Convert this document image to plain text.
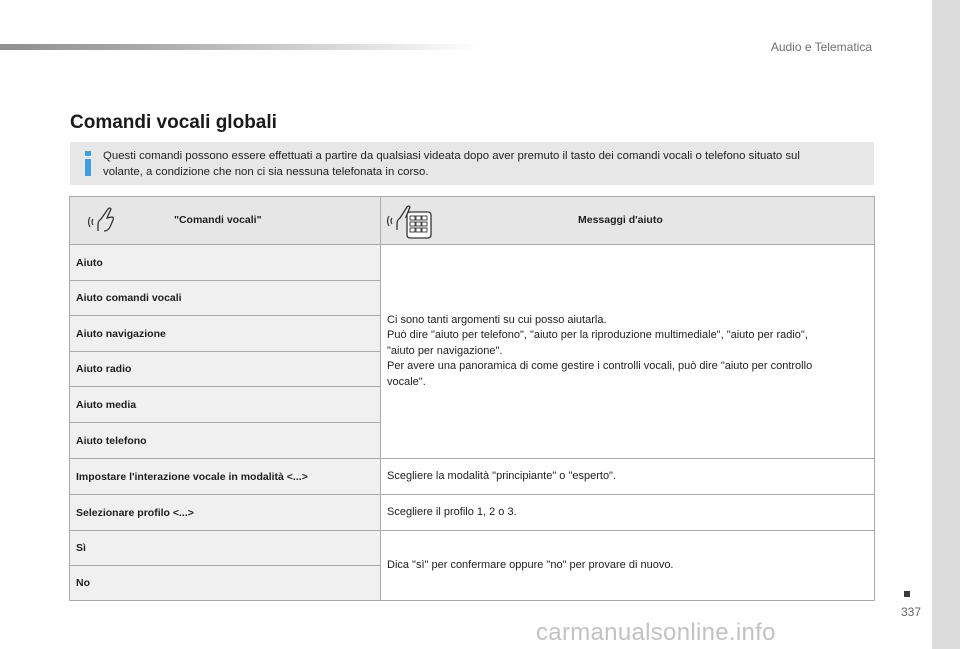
Audio e Telematica
Comandi vocali globali
Questi comandi possono essere effettuati a partire da qualsiasi videata dopo aver premuto il tasto dei comandi vocali o telefono situato sul
volante, a condizione che non ci sia nessuna telefonata in corso.
"Comandi vocali"	Messaggi d'aiuto

Aiuto	Ci sono tanti argomenti su cui posso aiutarla.
Può dire "aiuto per telefono", "aiuto per la riproduzione multimediale", "aiuto per radio",
"aiuto per navigazione".
Per avere una panoramica di come gestire i controlli vocali, può dire "aiuto per controllo
vocale".
Aiuto comandi vocali	
Aiuto navigazione	
Aiuto radio	
Aiuto media	
Aiuto telefono	
Impostare l'interazione vocale in modalità <...>	Scegliere la modalità "principiante" o "esperto".
Selezionare profilo <...>	Scegliere il profilo 1, 2 o 3.
Sì	Dica "sì" per confermare oppure "no" per provare di nuovo.
No	
337
carmanualsonline.info
